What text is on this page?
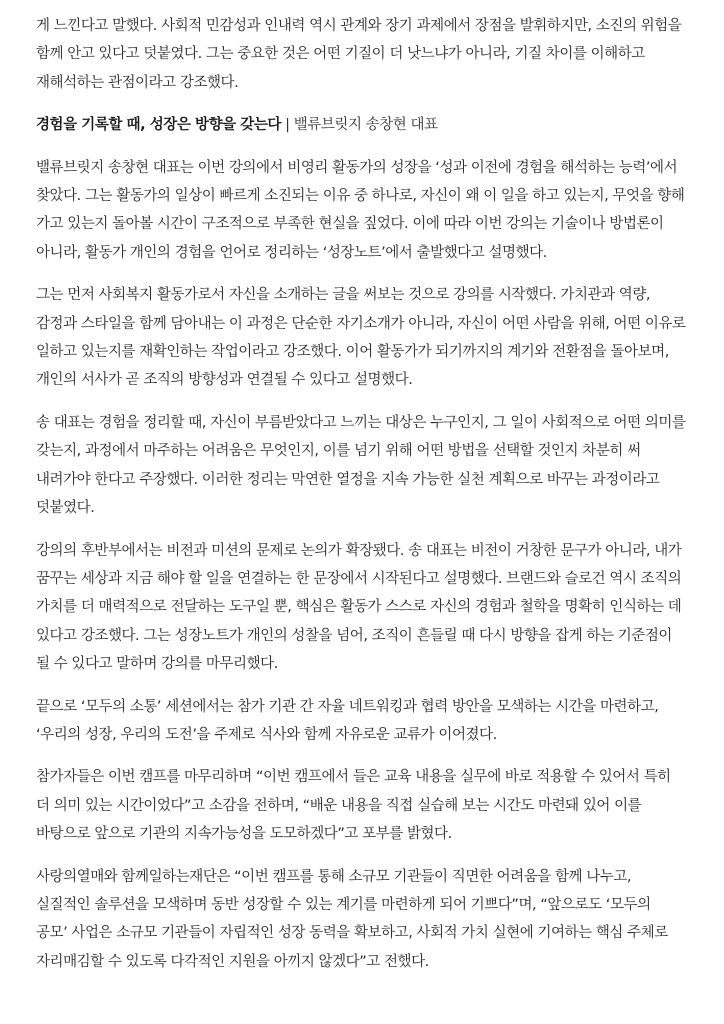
게 느낀다고 말했다. 사회적 민감성과 인내력 역시 관계와 장기 과제에서 장점을 발휘하지만, 소진의 위험을 함께 안고 있다고 덧붙였다. 그는 중요한 것은 어떤 기질이 더 낫느냐가 아니라, 기질 차이를 이해하고 재해석하는 관점이라고 강조했다.

경험을 기록할 때, 성장은 방향을 갖는다 | 밸류브릿지 송창현 대표

밸류브릿지 송창현 대표는 이번 강의에서 비영리 활동가의 성장을 ‘성과 이전에 경험을 해석하는 능력’에서 찾았다. 그는 활동가의 일상이 빠르게 소진되는 이유 중 하나로, 자신이 왜 이 일을 하고 있는지, 무엇을 향해 가고 있는지 돌아볼 시간이 구조적으로 부족한 현실을 짚었다. 이에 따라 이번 강의는 기술이나 방법론이 아니라, 활동가 개인의 경험을 언어로 정리하는 ‘성장노트’에서 출발했다고 설명했다.

그는 먼저 사회복지 활동가로서 자신을 소개하는 글을 써보는 것으로 강의를 시작했다. 가치관과 역량, 감정과 스타일을 함께 담아내는 이 과정은 단순한 자기소개가 아니라, 자신이 어떤 사람을 위해, 어떤 이유로 일하고 있는지를 재확인하는 작업이라고 강조했다. 이어 활동가가 되기까지의 계기와 전환점을 돌아보며, 개인의 서사가 곧 조직의 방향성과 연결될 수 있다고 설명했다.

송 대표는 경험을 정리할 때, 자신이 부름받았다고 느끼는 대상은 누구인지, 그 일이 사회적으로 어떤 의미를 갖는지, 과정에서 마주하는 어려움은 무엇인지, 이를 넘기 위해 어떤 방법을 선택할 것인지 차분히 써 내려가야 한다고 주장했다. 이러한 정리는 막연한 열정을 지속 가능한 실천 계획으로 바꾸는 과정이라고 덧붙였다.

강의의 후반부에서는 비전과 미션의 문제로 논의가 확장됐다. 송 대표는 비전이 거창한 문구가 아니라, 내가 꿈꾸는 세상과 지금 해야 할 일을 연결하는 한 문장에서 시작된다고 설명했다. 브랜드와 슬로건 역시 조직의 가치를 더 매력적으로 전달하는 도구일 뿐, 핵심은 활동가 스스로 자신의 경험과 철학을 명확히 인식하는 데 있다고 강조했다. 그는 성장노트가 개인의 성찰을 넘어, 조직이 흔들릴 때 다시 방향을 잡게 하는 기준점이 될 수 있다고 말하며 강의를 마무리했다.

끝으로 ‘모두의 소통’ 세션에서는 참가 기관 간 자율 네트워킹과 협력 방안을 모색하는 시간을 마련하고, ‘우리의 성장, 우리의 도전’을 주제로 식사와 함께 자유로운 교류가 이어졌다.

참가자들은 이번 캠프를 마무리하며 “이번 캠프에서 들은 교육 내용을 실무에 바로 적용할 수 있어서 특히 더 의미 있는 시간이었다”고 소감을 전하며, “배운 내용을 직접 실습해 보는 시간도 마련돼 있어 이를 바탕으로 앞으로 기관의 지속가능성을 도모하겠다”고 포부를 밝혔다.

사랑의열매와 함께일하는재단은 “이번 캠프를 통해 소규모 기관들이 직면한 어려움을 함께 나누고, 실질적인 솔루션을 모색하며 동반 성장할 수 있는 계기를 마련하게 되어 기쁘다”며, “앞으로도 ‘모두의 공모’ 사업은 소규모 기관들이 자립적인 성장 동력을 확보하고, 사회적 가치 실현에 기여하는 핵심 주체로 자리매김할 수 있도록 다각적인 지원을 아끼지 않겠다”고 전했다.
